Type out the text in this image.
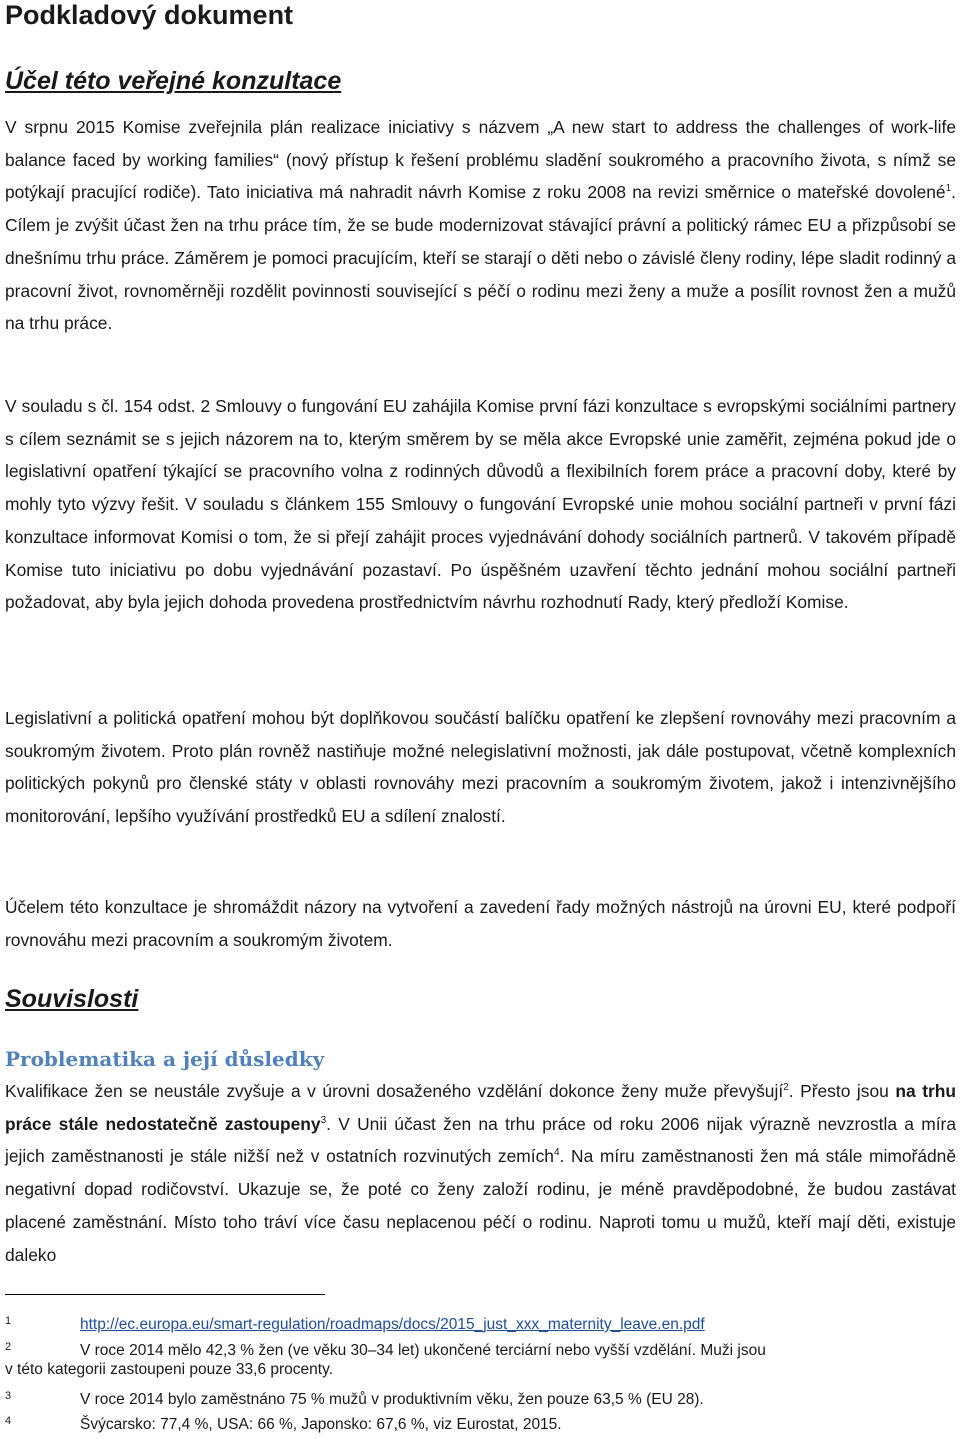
Podkladový dokument
Účel této veřejné konzultace

V srpnu 2015 Komise zveřejnila plán realizace iniciativy s názvem „A new start to address the challenges of work-life balance faced by working families“ (nový přístup k řešení problému sladění soukromého a pracovního života, s nímž se potýkají pracující rodiče). Tato iniciativa má nahradit návrh Komise z roku 2008 na revizi směrnice o mateřské dovolené$^1$. Cílem je zvýšit účast žen na trhu práce tím, že se bude modernizovat stávající právní a politický rámec EU a přizpůsobí se dnešnímu trhu práce. Záměrem je pomoci pracujícím, kteří se starají o děti nebo o závislé členy rodiny, lépe sladit rodinný a pracovní život, rovnoměrněji rozdělit povinnosti související s péčí o rodinu mezi ženy a muže a posílit rovnost žen a mužů na trhu práce.

V souladu s čl. 154 odst. 2 Smlouvy o fungování EU zahájila Komise první fázi konzultace s evropskými sociálními partnery s cílem seznámit se s jejich názorem na to, kterým směrem by se měla akce Evropské unie zaměřit, zejména pokud jde o legislativní opatření týkající se pracovního volna z rodinných důvodů a flexibilních forem práce a pracovní doby, které by mohly tyto výzvy řešit. V souladu s článkem 155 Smlouvy o fungování Evropské unie mohou sociální partneři v první fázi konzultace informovat Komisi o tom, že si přejí zahájit proces vyjednávání dohody sociálních partnerů. V takovém případě Komise tuto iniciativu po dobu vyjednávání pozastaví. Po úspěšném uzavření těchto jednání mohou sociální partneři požadovat, aby byla jejich dohoda provedena prostřednictvím návrhu rozhodnutí Rady, který předloží Komise.

Legislativní a politická opatření mohou být doplňkovou součástí balíčku opatření ke zlepšení rovnováhy mezi pracovním a soukromým životem. Proto plán rovněž nastiňuje možné nelegislativní možnosti, jak dále postupovat, včetně komplexních politických pokynů pro členské státy v oblasti rovnováhy mezi pracovním a soukromým životem, jakož i intenzivnějšího monitorování, lepšího využívání prostředků EU a sdílení znalostí.

Účelem této konzultace je shromáždit názory na vytvoření a zavedení řady možných nástrojů na úrovni EU, které podpoří rovnováhu mezi pracovním a soukromým životem.

Souvislosti
Problematika a její důsledky

Kvalifikace žen se neustále zvyšuje a v úrovni dosaženého vzdělání dokonce ženy muže převyšují$^2$. Přesto jsou na trhu práce stále nedostatečně zastoupeny$^3$. V Unii účast žen na trhu práce od roku 2006 nijak výrazně nevzrostla a míra jejich zaměstnanosti je stále nižší než v ostatních rozvinutých zemích$^4$. Na míru zaměstnanosti žen má stále mimořádně negativní dopad rodičovství. Ukazuje se, že poté co ženy založí rodinu, je méně pravděpodobné, že budou zastávat placené zaměstnání. Místo toho tráví více času neplacenou péčí o rodinu. Naproti tomu u mužů, kteří mají děti, existuje daleko

1	http://ec.europa.eu/smart-regulation/roadmaps/docs/2015_just_xxx_maternity_leave.en.pdf
2	V roce 2014 mělo 42,3 % žen (ve věku 30–34 let) ukončené terciární nebo vyšší vzdělání. Muži jsou
v této kategorii zastoupeni pouze 33,6 procenty.
3	V roce 2014 bylo zaměstnáno 75 % mužů v produktivním věku, žen pouze 63,5 % (EU 28).
4	Švýcarsko: 77,4 %, USA: 66 %, Japonsko: 67,6 %, viz Eurostat, 2015.
